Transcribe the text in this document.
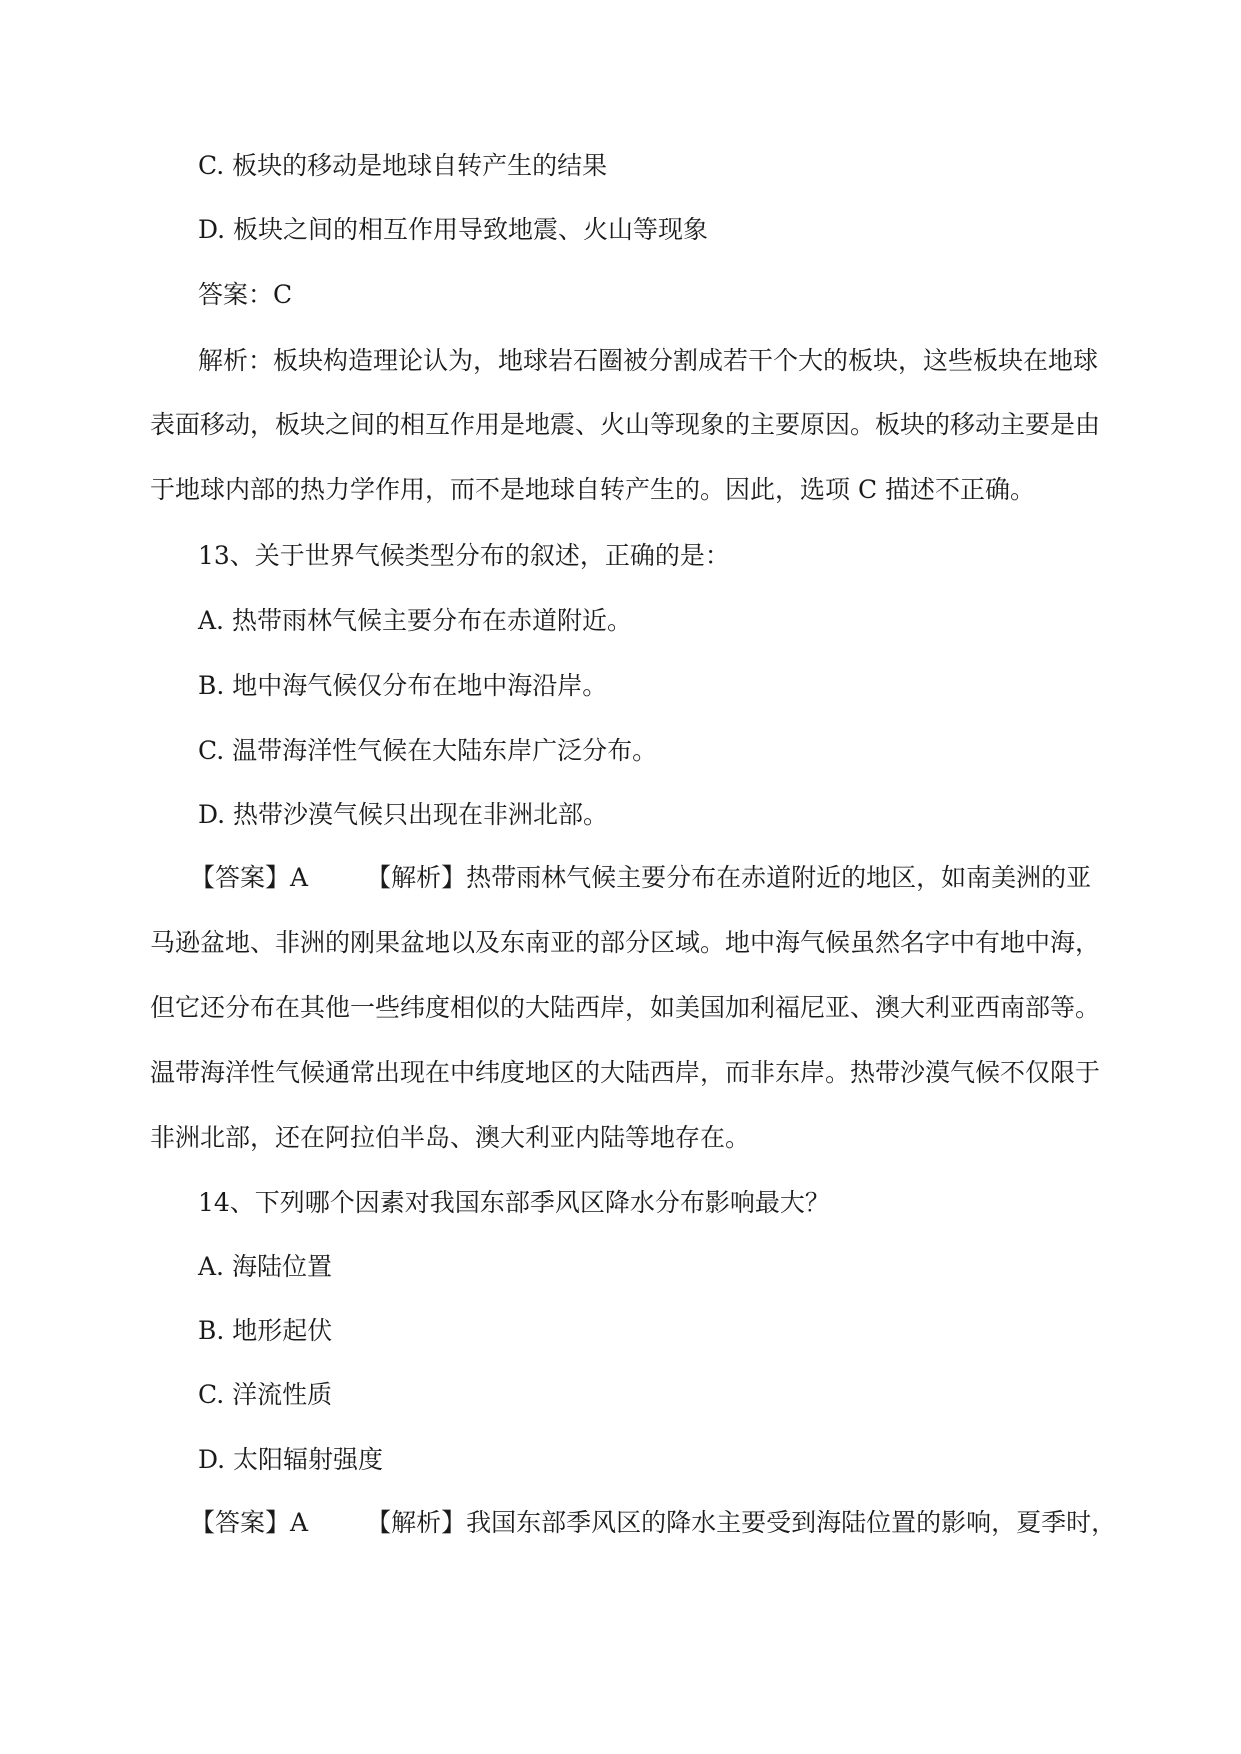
C. 板块的移动是地球自转产生的结果
D. 板块之间的相互作用导致地震、火山等现象
答案：C
解析：板块构造理论认为，地球岩石圈被分割成若干个大的板块，这些板块在地球
表面移动，板块之间的相互作用是地震、火山等现象的主要原因。板块的移动主要是由
于地球内部的热力学作用，而不是地球自转产生的。因此，选项 C 描述不正确。
13、关于世界气候类型分布的叙述，正确的是：
A. 热带雨林气候主要分布在赤道附近。
B. 地中海气候仅分布在地中海沿岸。
C. 温带海洋性气候在大陆东岸广泛分布。
D. 热带沙漠气候只出现在非洲北部。
【答案】A 【解析】热带雨林气候主要分布在赤道附近的地区，如南美洲的亚
马逊盆地、非洲的刚果盆地以及东南亚的部分区域。地中海气候虽然名字中有地中海，
但它还分布在其他一些纬度相似的大陆西岸，如美国加利福尼亚、澳大利亚西南部等。
温带海洋性气候通常出现在中纬度地区的大陆西岸，而非东岸。热带沙漠气候不仅限于
非洲北部，还在阿拉伯半岛、澳大利亚内陆等地存在。
14、下列哪个因素对我国东部季风区降水分布影响最大？
A. 海陆位置
B. 地形起伏
C. 洋流性质
D. 太阳辐射强度
【答案】A 【解析】我国东部季风区的降水主要受到海陆位置的影响，夏季时，
